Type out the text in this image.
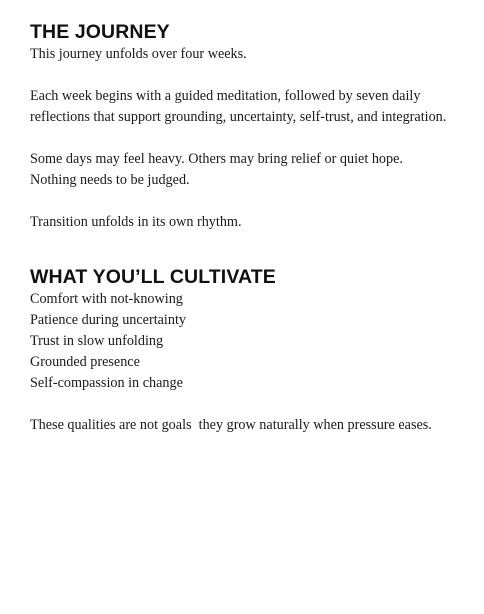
THE JOURNEY

This journey unfolds over four weeks.

Each week begins with a guided meditation, followed by seven daily reflections that support grounding, uncertainty, self-trust, and integration.

Some days may feel heavy. Others may bring relief or quiet hope. Nothing needs to be judged.

Transition unfolds in its own rhythm.

WHAT YOU’LL CULTIVATE
Comfort with not-knowing
Patience during uncertainty
Trust in slow unfolding
Grounded presence
Self-compassion in change

These qualities are not goals  they grow naturally when pressure eases.
